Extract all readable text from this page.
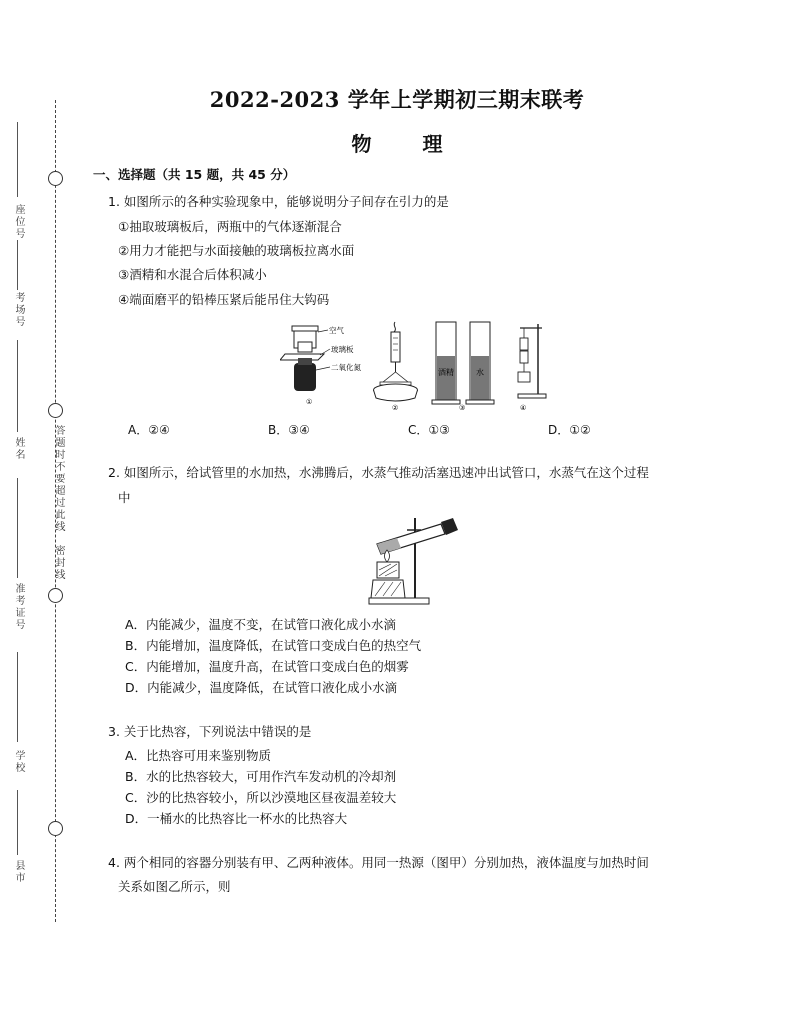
答题时不要超过此线
密封线
座位号
考场号
姓名
准考证号
学校
县市
2022-2023 学年上学期初三期末联考
物 理
一、选择题（共 15 题，共 45 分）
1. 如图所示的各种实验现象中，能够说明分子间存在引力的是
①抽取玻璃板后，两瓶中的气体逐渐混合
②用力才能把与水面接触的玻璃板拉离水面
③酒精和水混合后体积减小
④端面磨平的铅棒压紧后能吊住大钩码
空气
玻璃板
二氧化氮
①
②
酒精	水
③	④
A．②④	B．③④	C．①③	D．①②
2. 如图所示，给试管里的水加热，水沸腾后，水蒸气推动活塞迅速冲出试管口，水蒸气在这个过程
中
A．内能减少，温度不变，在试管口液化成小水滴
B．内能增加，温度降低，在试管口变成白色的热空气
C．内能增加，温度升高，在试管口变成白色的烟雾
D．内能减少，温度降低，在试管口液化成小水滴
3. 关于比热容，下列说法中错误的是
A．比热容可用来鉴别物质
B．水的比热容较大，可用作汽车发动机的冷却剂
C．沙的比热容较小，所以沙漠地区昼夜温差较大
D．一桶水的比热容比一杯水的比热容大
4. 两个相同的容器分别装有甲、乙两种液体。用同一热源（图甲）分别加热，液体温度与加热时间
关系如图乙所示，则
